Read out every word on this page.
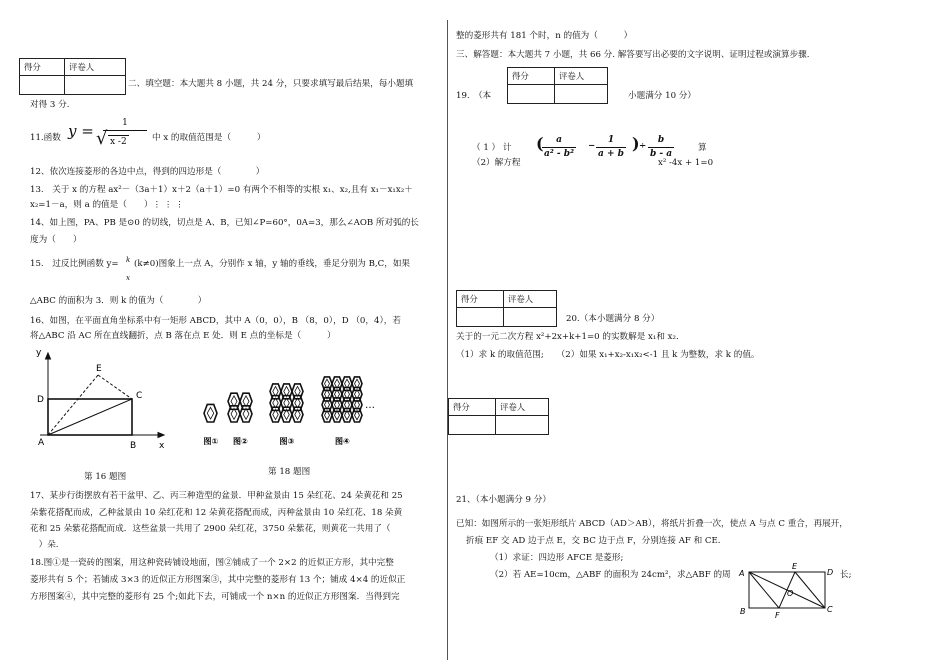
得分	评卷人

二、填空题：本大题共 8 小题，共 24 分，只要求填写最后结果，每小题填
对得 3 分.
11.函数 y =	1
√ x -2	中 x 的取值范围是（　　　）
12、依次连接菱形的各边中点，得到的四边形是（　　　　）
13.　关于 x 的方程 ax²－（3a＋1）x＋2（a＋1）=0 有两个不相等的实根 x₁、x₂,且有 x₁－x₁x₂＋
x₂=1－a，则 a 的值是（　　）⋮ ⋮ ⋮
14、如上图，PA、PB 是⊙0 的切线，切点是 A、B，已知∠P=60°，0A=3，那么∠AOB 所对弧的长
度为（　　）
15.　过反比例函数 y= k
x
(k≠0)图象上一点 A，分别作 x 轴，y 轴的垂线，垂足分别为 B,C，如果
△ABC 的面积为 3．则 k 的值为（　　　　）
16、如图，在平面直角坐标系中有一矩形 ABCD，其中 A（0，0），B （8，0），D （0，4），若
将△ABC 沿 AC 所在直线翻折，点 B 落在点 E 处．则 E 点的坐标是（　　　）
y
x
A	B
C
D
E
第 16 题图
图① 图②	图③	图④
…
第 18 题图
17、某步行街摆放有若干盆甲、乙、丙三种造型的盆景．甲种盆景由 15 朵红花、24 朵黄花和 25
朵紫花搭配而成，乙种盆景由 10 朵红花和 12 朵黄花搭配而成，丙种盆景由 10 朵红花、18 朵黄
花和 25 朵紫花搭配而成．这些盆景一共用了 2900 朵红花，3750 朵紫花，则黄花一共用了（
　）朵.
18.图①是一瓷砖的图案，用这种瓷砖铺设地面，图②铺成了一个 2×2 的近似正方形，其中完整
菱形共有 5 个；若铺成 3×3 的近似正方形图案③，其中完整的菱形有 13 个；铺成 4×4 的近似正
方形图案④，其中完整的菱形有 25 个;如此下去，可铺成一个 n×n 的近似正方形图案．当得到完
整的菱形共有 181 个时，n 的值为（　　　）
三、解答题：本大题共 7 小题，共 66 分. 解答要写出必要的文字说明、证明过程或演算步骤.
19.　（本
得分	评卷人

小题满分 10 分）
（ 1 ） 计 (
$\frac{a}{\text{a² - b²}} - \frac{1}{a + b}$ ) ÷ $\frac{b}{b - a}$	算
（2）解方程	x² -4x + 1=0
得分	评卷人

20.（本小题满分 8 分）
关于的一元二次方程 x²+2x+k+1=0 的实数解是 x₁和 x₂.
（1）求 k 的取值范围;　　（2）如果 x₁+x₂-x₁x₂<-1 且 k 为整数，求 k 的值。
得分	评卷人

21、（本小题满分 9 分）
已知：如图所示的一张矩形纸片 ABCD（AD＞AB），将纸片折叠一次，使点 A 与点 C 重合，再展开，
折痕 EF 交 AD 边于点 E，交 BC 边于点 F，分别连接 AF 和 CE.
（1）求证：四边形 AFCE 是菱形;
（2）若 AE=10cm，△ABF 的面积为 24cm²，求△ABF 的周	长;
A
B	C
D
E
F
O
